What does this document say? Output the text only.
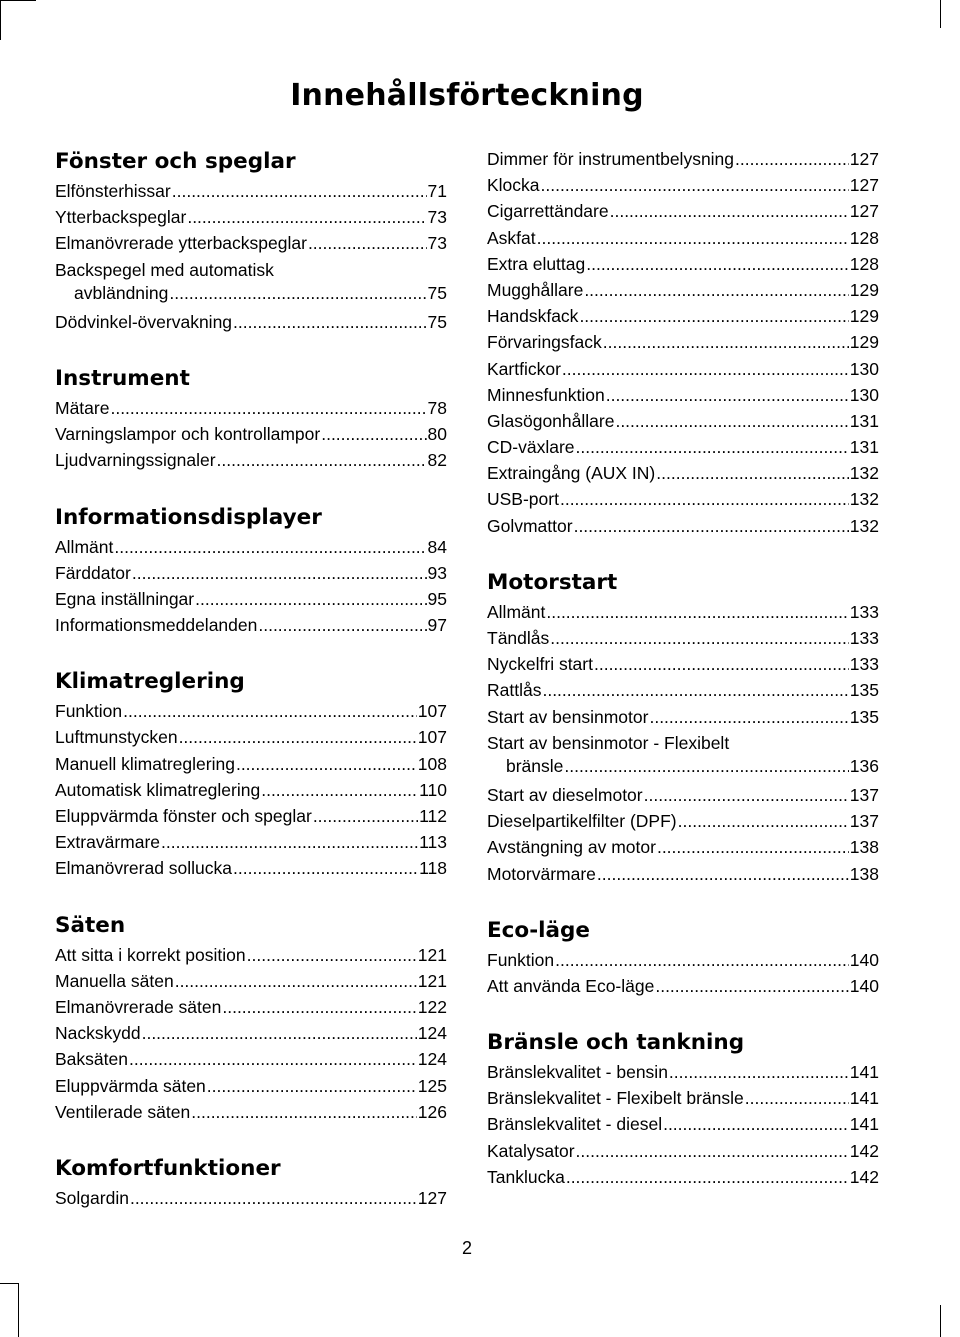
Innehållsförteckning
Fönster och speglar
Elfönsterhissar .....	71
Ytterbackspeglar .....	73
Elmanövrerade ytterbackspeglar .....	73
Backspegel med automatisk
avbländning .....	75
Dödvinkel-övervakning .....	75
Instrument
Mätare .....	78
Varningslampor och kontrollampor .....	80
Ljudvarningssignaler .....	82
Informationsdisplayer
Allmänt .....	84
Färddator .....	93
Egna inställningar .....	95
Informationsmeddelanden .....	97
Klimatreglering
Funktion .....	107
Luftmunstycken .....	107
Manuell klimatreglering .....	108
Automatisk klimatreglering .....	110
Eluppvärmda fönster och speglar .....	112
Extravärmare .....	113
Elmanövrerad sollucka .....	118
Säten
Att sitta i korrekt position .....	121
Manuella säten .....	121
Elmanövrerade säten .....	122
Nackskydd .....	124
Baksäten .....	124
Eluppvärmda säten .....	125
Ventilerade säten .....	126
Komfortfunktioner
Solgardin .....	127
Dimmer för instrumentbelysning .....	127
Klocka .....	127
Cigarrettändare .....	127
Askfat .....	128
Extra eluttag .....	128
Mugghållare .....	129
Handskfack .....	129
Förvaringsfack .....	129
Kartfickor .....	130
Minnesfunktion .....	130
Glasögonhållare .....	131
CD-växlare .....	131
Extraingång (AUX IN) .....	132
USB-port .....	132
Golvmattor .....	132
Motorstart
Allmänt .....	133
Tändlås .....	133
Nyckelfri start .....	133
Rattlås .....	135
Start av bensinmotor .....	135
Start av bensinmotor - Flexibelt
bränsle .....	136
Start av dieselmotor .....	137
Dieselpartikelfilter (DPF) .....	137
Avstängning av motor .....	138
Motorvärmare .....	138
Eco-läge
Funktion .....	140
Att använda Eco-läge .....	140
Bränsle och tankning
Bränslekvalitet - bensin .....	141
Bränslekvalitet - Flexibelt bränsle .....	141
Bränslekvalitet - diesel .....	141
Katalysator .....	142
Tanklucka .....	142
2
